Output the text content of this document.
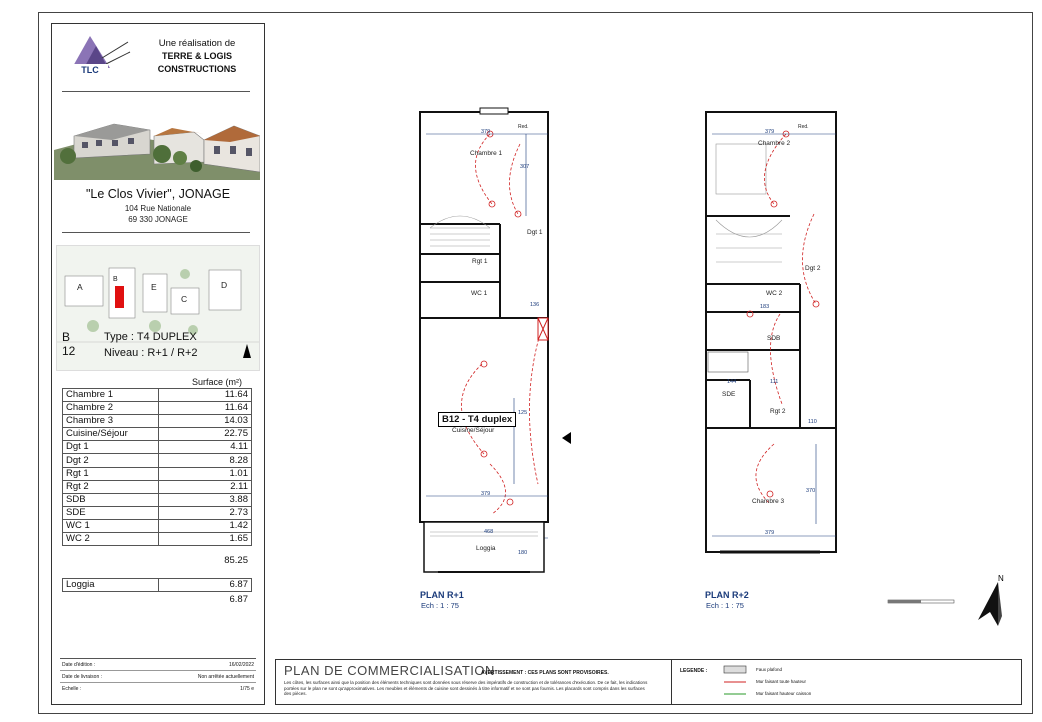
TLC
Une réalisation de
TERRE & LOGIS
CONSTRUCTIONS
"Le Clos Vivier", JONAGE
104 Rue Nationale
69 330 JONAGE
A
B
E
C
D
B 12
Type : T4 DUPLEX
Niveau : R+1 / R+2
Surface (m²)
Chambre 1	11.64
Chambre 2	11.64
Chambre 3	14.03
Cuisine/Séjour	22.75
Dgt 1	4.11
Dgt 2	8.28
Rgt 1	1.01
Rgt 2	2.11
SDB	3.88
SDE	2.73
WC 1	1.42
WC 2	1.65
85.25
Loggia	6.87
6.87
Date d'édition :	16/02/2022
Date de livraison :	Non arrêtée actuellement
Echelle :	1/75 e
Chambre 1
Dgt 1
Rgt 1
WC 1
Cuisine/Séjour
Loggia
Red.
379
379
468
307
136
125
180
B12 - T4 duplex
PLAN R+1
Ech : 1 : 75
Chambre 2
Dgt 2
WC 2
SDB
SDE
Rgt 2
Chambre 3
Red.
379
379
183
144	111
370
110
PLAN R+2
Ech : 1 : 75
N
PLAN DE COMMERCIALISATION
AVERTISSEMENT : CES PLANS SONT PROVISOIRES.
Les côtes, les surfaces ainsi que la position des éléments techniques sont données sous réserve des impératifs de construction et de tolérances d'exécution. De ce fait, les indications portées sur le plan ne sont qu'approximatives. Les meubles et éléments de cuisine sont dessinés à titre informatif et ne sont pas fournis. Les placards sont compris dans les surfaces des pièces.
LEGENDE :	Faux plafond
Mur faisant toute hauteur
Mur faisant hauteur caisson
